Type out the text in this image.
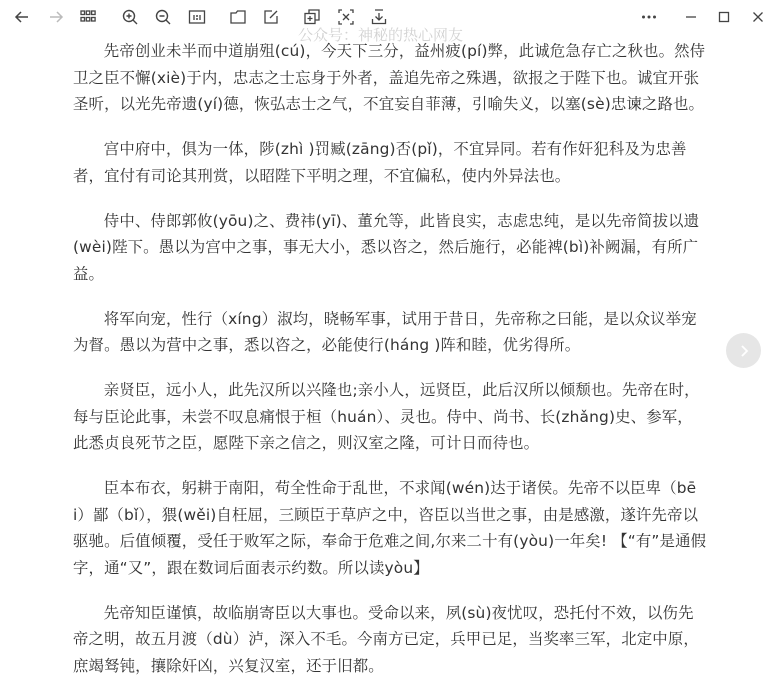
公众号：神秘的热心网友

先帝创业未半而中道崩殂(cú)，今天下三分，益州疲(pí)弊，此诚危急存亡之秋也。然侍卫之臣不懈(xiè)于内，忠志之士忘身于外者，盖追先帝之殊遇，欲报之于陛下也。诚宜开张圣听，以光先帝遗(yí)德，恢弘志士之气，不宜妄自菲薄，引喻失义，以塞(sè)忠谏之路也。

宫中府中，俱为一体，陟(zhì )罚臧(zāng)否(pǐ)，不宜异同。若有作奸犯科及为忠善者，宜付有司论其刑赏，以昭陛下平明之理，不宜偏私，使内外异法也。

侍中、侍郎郭攸(yōu)之、费祎(yī)、董允等，此皆良实，志虑忠纯，是以先帝简拔以遗(wèi)陛下。愚以为宫中之事，事无大小，悉以咨之，然后施行，必能裨(bì)补阙漏，有所广益。

将军向宠，性行（xíng）淑均，晓畅军事，试用于昔日，先帝称之曰能，是以众议举宠为督。愚以为营中之事，悉以咨之，必能使行(háng )阵和睦，优劣得所。

亲贤臣，远小人，此先汉所以兴隆也;亲小人，远贤臣，此后汉所以倾颓也。先帝在时，每与臣论此事，未尝不叹息痛恨于桓（huán）、灵也。侍中、尚书、长(zhǎng)史、参军，此悉贞良死节之臣，愿陛下亲之信之，则汉室之隆，可计日而待也。

臣本布衣，躬耕于南阳，苟全性命于乱世，不求闻(wén)达于诸侯。先帝不以臣卑（bēi）鄙（bǐ），猥(wěi)自枉屈，三顾臣于草庐之中，咨臣以当世之事，由是感激，遂许先帝以驱驰。后值倾覆，受任于败军之际，奉命于危难之间,尔来二十有(yòu)一年矣! 【“有”是通假字，通“又”，跟在数词后面表示约数。所以读yòu】

先帝知臣谨慎，故临崩寄臣以大事也。受命以来，夙(sù)夜忧叹，恐托付不效，以伤先帝之明，故五月渡（dù）泸，深入不毛。今南方已定，兵甲已足，当奖率三军，北定中原，庶竭驽钝，攘除奸凶，兴复汉室，还于旧都。
